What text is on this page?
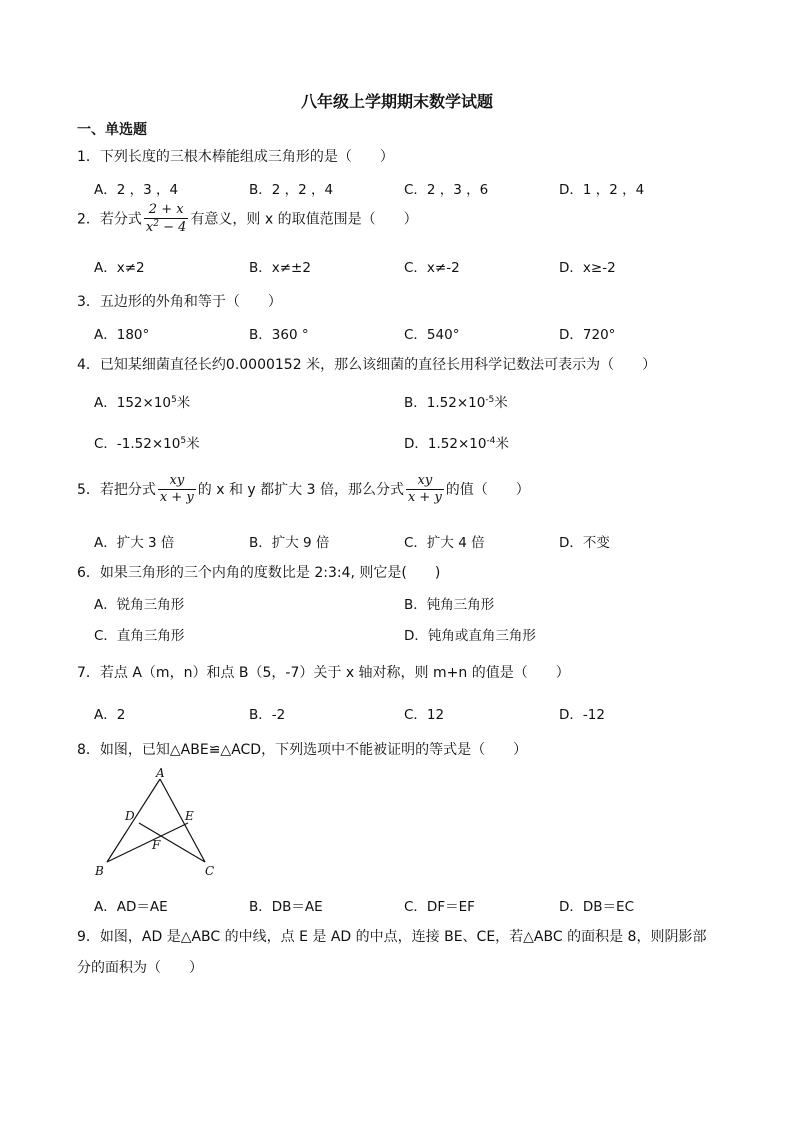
八年级上学期期末数学试题
一、单选题
1．下列长度的三根木棒能组成三角形的是（　　）
A．2 ，3 ，4	B．2 ，2 ，4	C．2 ，3 ，6	D．1 ，2 ，4
2．若分式 $\frac{2 + x}{x^2 - 4}$ 有意义，则 x 的取值范围是（　　）
A．x≠2	B．x≠±2	C．x≠-2	D．x≥-2
3．五边形的外角和等于（　　）
A．180°	B．360 °	C．540°	D．720°
4．已知某细菌直径长约0.0000152 米，那么该细菌的直径长用科学记数法可表示为（　　）
A．$152\times 10^5$米	B．$1.52\times 10^{-5}$米
C．$-1.52\times 10^5$米	D．$1.52\times 10^{-4}$米
5．若把分式 $\frac{xy}{x + y}$ 的 x 和 y 都扩大 3 倍，那么分式 $\frac{xy}{x + y}$ 的值（　　）
A．扩大 3 倍	B．扩大 9 倍	C．扩大 4 倍	D．不变
6．如果三角形的三个内角的度数比是 2:3:4, 则它是(　　)
A．锐角三角形	B．钝角三角形
C．直角三角形	D．钝角或直角三角形
7．若点 A（m，n）和点 B（5，-7）关于 x 轴对称，则 m+n 的值是（　　）
A．2	B．-2	C．12	D．-12
8．如图，已知△ABE≌△ACD，下列选项中不能被证明的等式是（　　）
A
D	E
F
B	C
A．AD＝AE	B．DB＝AE	C．DF＝EF	D．DB＝EC
9．如图，AD 是△ABC 的中线，点 E 是 AD 的中点，连接 BE、CE，若△ABC 的面积是 8，则阴影部
分的面积为（　　）
